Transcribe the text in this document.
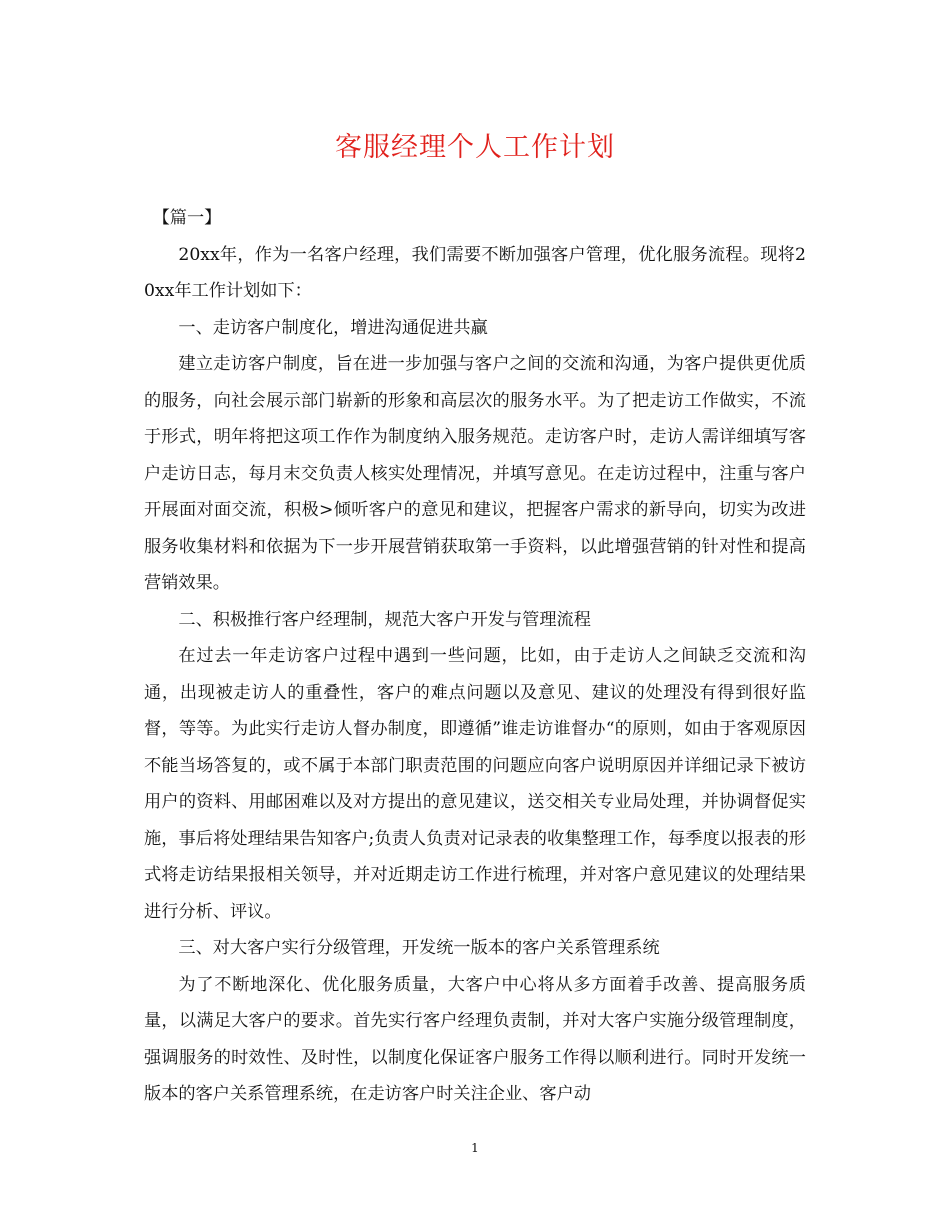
客服经理个人工作计划

【篇一】

20xx年，作为一名客户经理，我们需要不断加强客户管理，优化服务流程。现将20xx年工作计划如下：

一、走访客户制度化，增进沟通促进共赢

建立走访客户制度，旨在进一步加强与客户之间的交流和沟通，为客户提供更优质的服务，向社会展示部门崭新的形象和高层次的服务水平。为了把走访工作做实，不流于形式，明年将把这项工作作为制度纳入服务规范。走访客户时，走访人需详细填写客户走访日志，每月末交负责人核实处理情况，并填写意见。在走访过程中，注重与客户开展面对面交流，积极>倾听客户的意见和建议，把握客户需求的新导向，切实为改进服务收集材料和依据为下一步开展营销获取第一手资料，以此增强营销的针对性和提高营销效果。

二、积极推行客户经理制，规范大客户开发与管理流程

在过去一年走访客户过程中遇到一些问题，比如，由于走访人之间缺乏交流和沟通，出现被走访人的重叠性，客户的难点问题以及意见、建议的处理没有得到很好监督，等等。为此实行走访人督办制度，即遵循”谁走访谁督办“的原则，如由于客观原因不能当场答复的，或不属于本部门职责范围的问题应向客户说明原因并详细记录下被访用户的资料、用邮困难以及对方提出的意见建议，送交相关专业局处理，并协调督促实施，事后将处理结果告知客户;负责人负责对记录表的收集整理工作，每季度以报表的形式将走访结果报相关领导，并对近期走访工作进行梳理，并对客户意见建议的处理结果进行分析、评议。

三、对大客户实行分级管理，开发统一版本的客户关系管理系统

为了不断地深化、优化服务质量，大客户中心将从多方面着手改善、提高服务质量，以满足大客户的要求。首先实行客户经理负责制，并对大客户实施分级管理制度，强调服务的时效性、及时性，以制度化保证客户服务工作得以顺利进行。同时开发统一版本的客户关系管理系统，在走访客户时关注企业、客户动

1
